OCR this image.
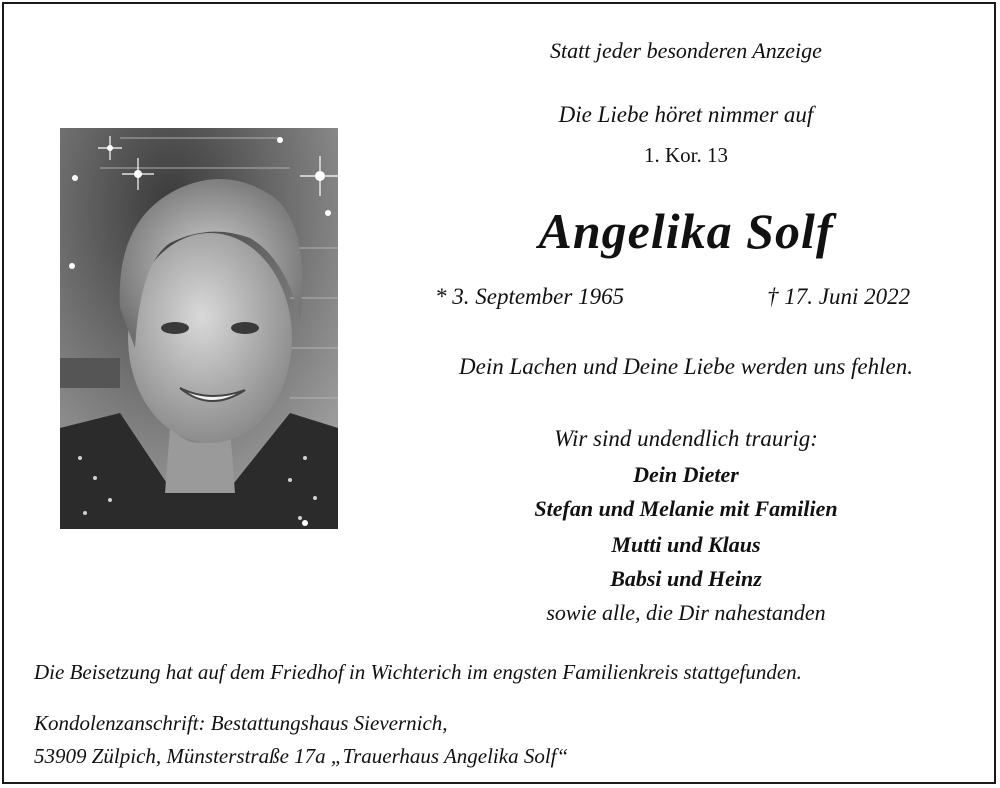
Statt jeder besonderen Anzeige
Die Liebe höret nimmer auf
1. Kor. 13
Angelika Solf
* 3. September 1965	† 17. Juni 2022
Dein Lachen und Deine Liebe werden uns fehlen.
Wir sind undendlich traurig:
Dein Dieter
Stefan und Melanie mit Familien
Mutti und Klaus
Babsi und Heinz
sowie alle, die Dir nahestanden
Die Beisetzung hat auf dem Friedhof in Wichterich im engsten Familienkreis stattgefunden.
Kondolenzanschrift: Bestattungshaus Sievernich,
53909 Zülpich, Münsterstraße 17a „Trauerhaus Angelika Solf“
